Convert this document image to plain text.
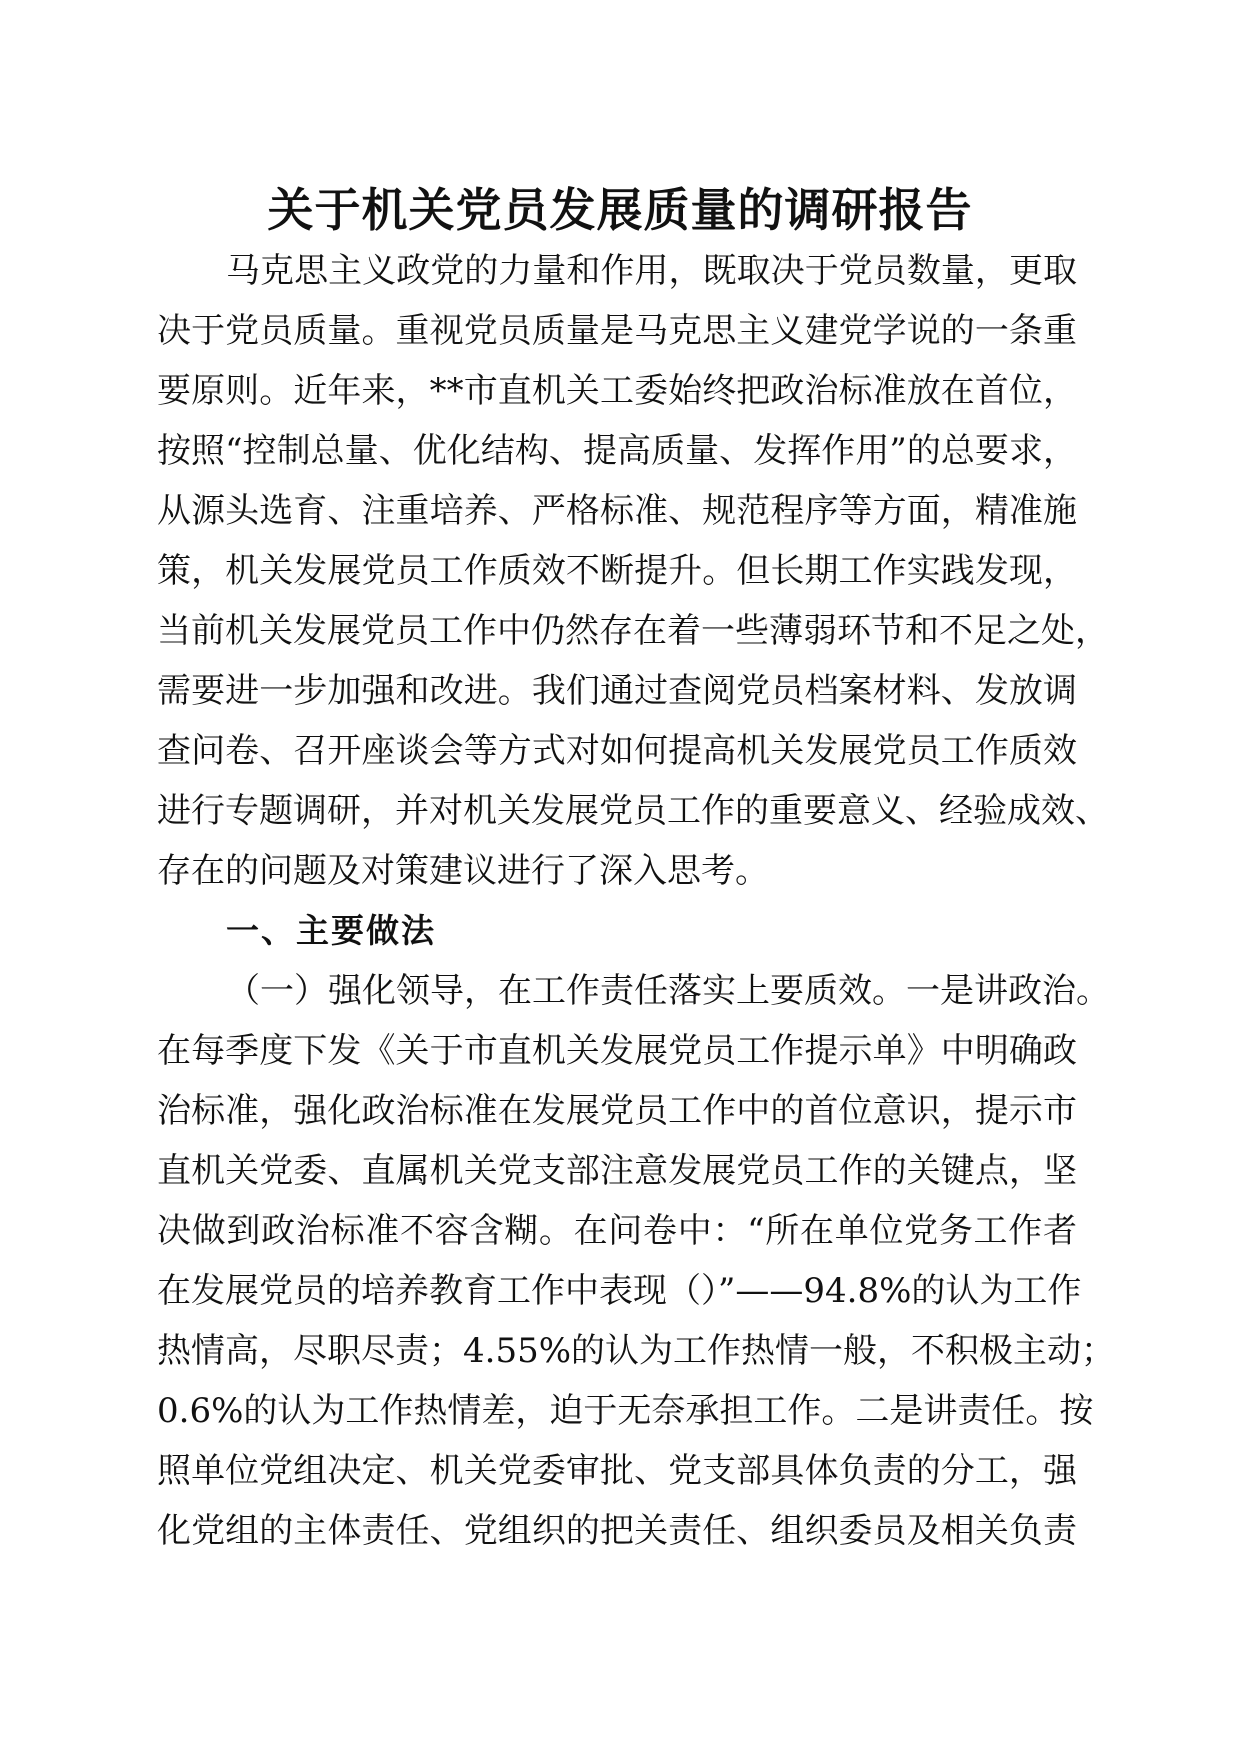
关于机关党员发展质量的调研报告
马克思主义政党的力量和作用，既取决于党员数量，更取
决于党员质量。重视党员质量是马克思主义建党学说的一条重
要原则。近年来，**市直机关工委始终把政治标准放在首位，
按照“控制总量、优化结构、提高质量、发挥作用”的总要求，
从源头选育、注重培养、严格标准、规范程序等方面，精准施
策，机关发展党员工作质效不断提升。但长期工作实践发现，
当前机关发展党员工作中仍然存在着一些薄弱环节和不足之处，
需要进一步加强和改进。我们通过查阅党员档案材料、发放调
查问卷、召开座谈会等方式对如何提高机关发展党员工作质效
进行专题调研，并对机关发展党员工作的重要意义、经验成效、
存在的问题及对策建议进行了深入思考。
一、主要做法
（一）强化领导，在工作责任落实上要质效。一是讲政治。
在每季度下发《关于市直机关发展党员工作提示单》中明确政
治标准，强化政治标准在发展党员工作中的首位意识，提示市
直机关党委、直属机关党支部注意发展党员工作的关键点，坚
决做到政治标准不容含糊。在问卷中：“所在单位党务工作者
在发展党员的培养教育工作中表现（）”——94.8%的认为工作
热情高，尽职尽责；4.55%的认为工作热情一般，不积极主动；
0.6%的认为工作热情差，迫于无奈承担工作。二是讲责任。按
照单位党组决定、机关党委审批、党支部具体负责的分工，强
化党组的主体责任、党组织的把关责任、组织委员及相关负责
